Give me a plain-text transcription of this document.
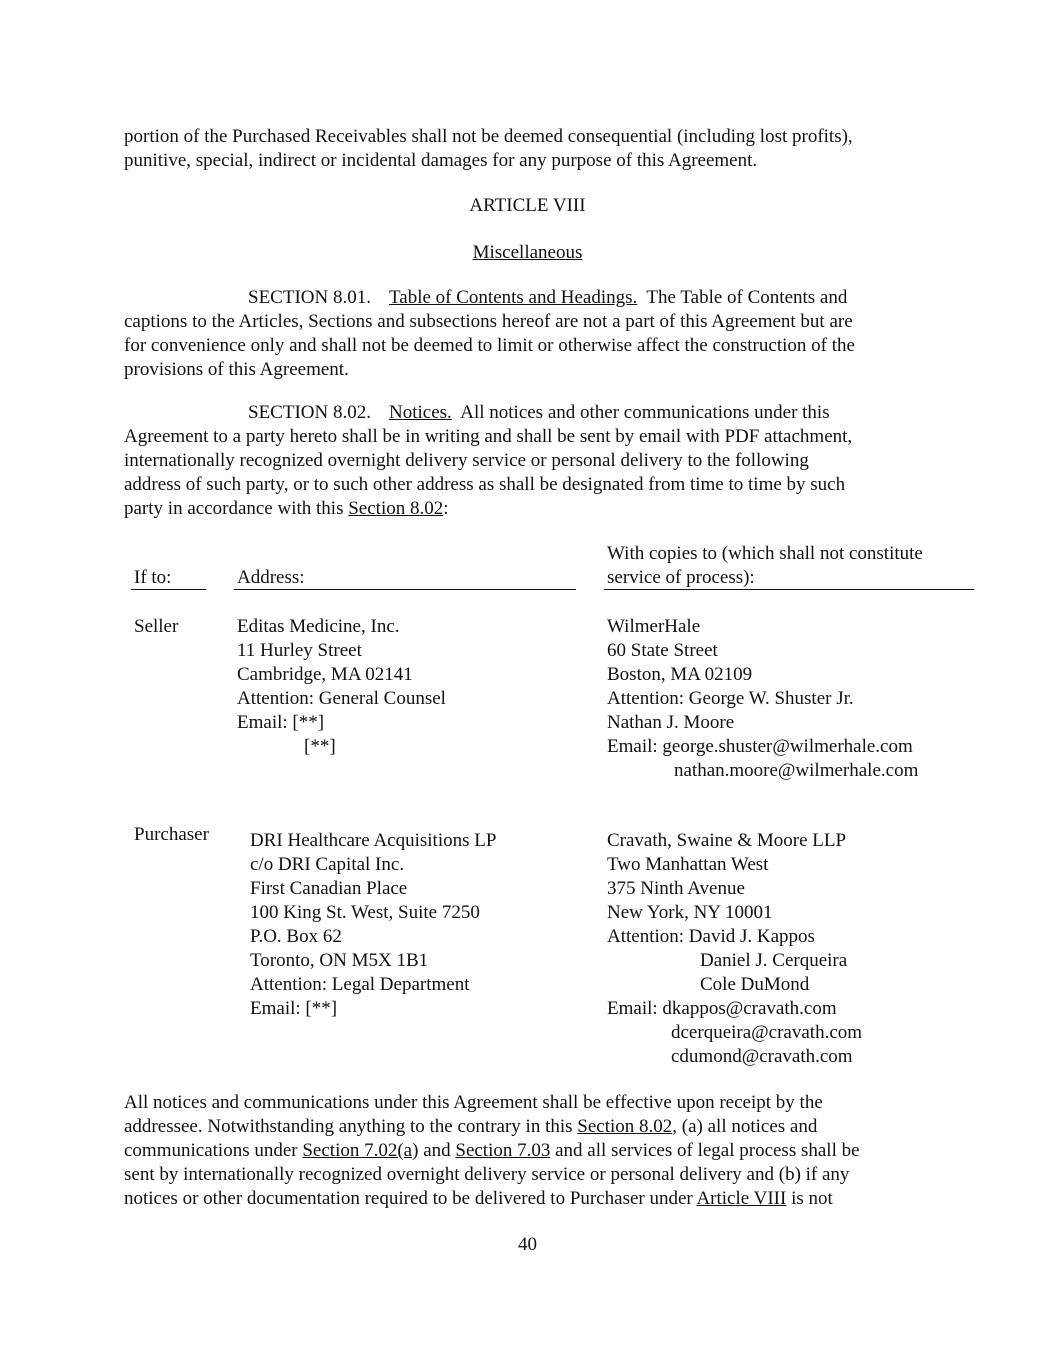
portion of the Purchased Receivables shall not be deemed consequential (including lost profits),
punitive, special, indirect or incidental damages for any purpose of this Agreement.

ARTICLE VIII

Miscellaneous

SECTION 8.01. Table of Contents and Headings. The Table of Contents and
captions to the Articles, Sections and subsections hereof are not a part of this Agreement but are
for convenience only and shall not be deemed to limit or otherwise affect the construction of the
provisions of this Agreement.
SECTION 8.02. Notices. All notices and other communications under this
Agreement to a party hereto shall be in writing and shall be sent by email with PDF attachment,
internationally recognized overnight delivery service or personal delivery to the following
address of such party, or to such other address as shall be designated from time to time by such
party in accordance with this Section 8.02:
If to:	Address:
With copies to (which shall not constitute
service of process):
Seller	Editas Medicine, Inc.
11 Hurley Street
Cambridge, MA 02141
Attention: General Counsel
Email: [**]
[**]
WilmerHale
60 State Street
Boston, MA 02109
Attention: George W. Shuster Jr.
Nathan J. Moore
Email: george.shuster@wilmerhale.com
nathan.moore@wilmerhale.com
Purchaser DRI Healthcare Acquisitions LP
c/o DRI Capital Inc.
First Canadian Place
100 King St. West, Suite 7250
P.O. Box 62
Toronto, ON M5X 1B1
Attention: Legal Department
Email: [**]
Cravath, Swaine & Moore LLP
Two Manhattan West
375 Ninth Avenue
New York, NY 10001
Attention: David J. Kappos
Daniel J. Cerqueira
Cole DuMond
Email: dkappos@cravath.com
dcerqueira@cravath.com
cdumond@cravath.com
All notices and communications under this Agreement shall be effective upon receipt by the
addressee. Notwithstanding anything to the contrary in this Section 8.02, (a) all notices and
communications under Section 7.02(a) and Section 7.03 and all services of legal process shall be
sent by internationally recognized overnight delivery service or personal delivery and (b) if any
notices or other documentation required to be delivered to Purchaser under Article VIII is not

40
